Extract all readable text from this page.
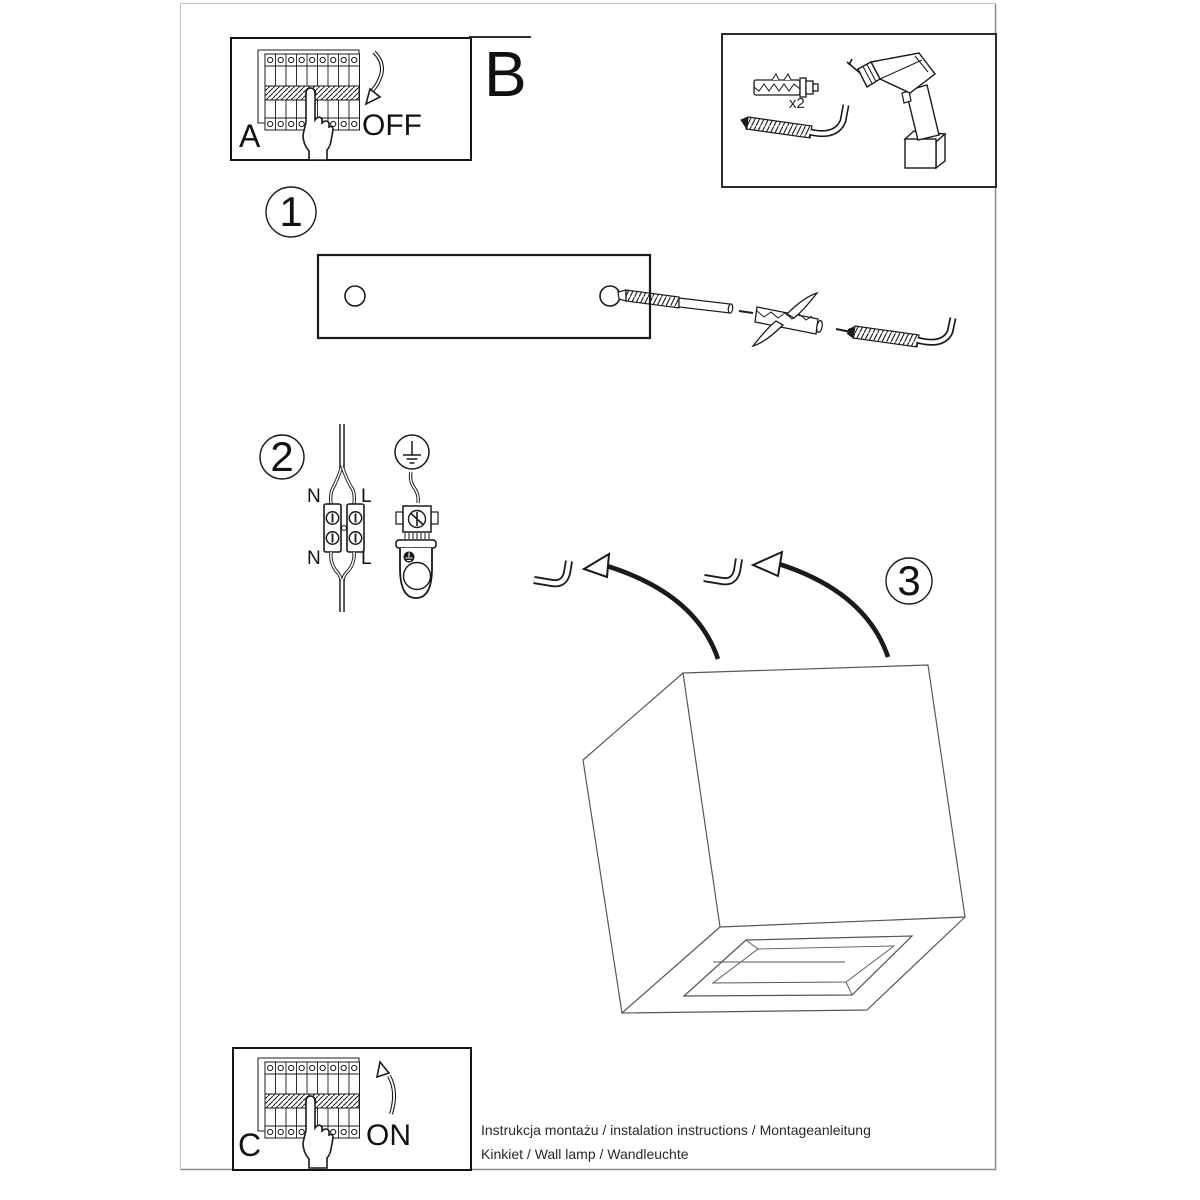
A	OFF
B	x2
1
2
3
N L
N L
C	ON	Instrukcja montażu / instalation instructions / Montageanleitung
Kinkiet / Wall lamp / Wandleuchte
